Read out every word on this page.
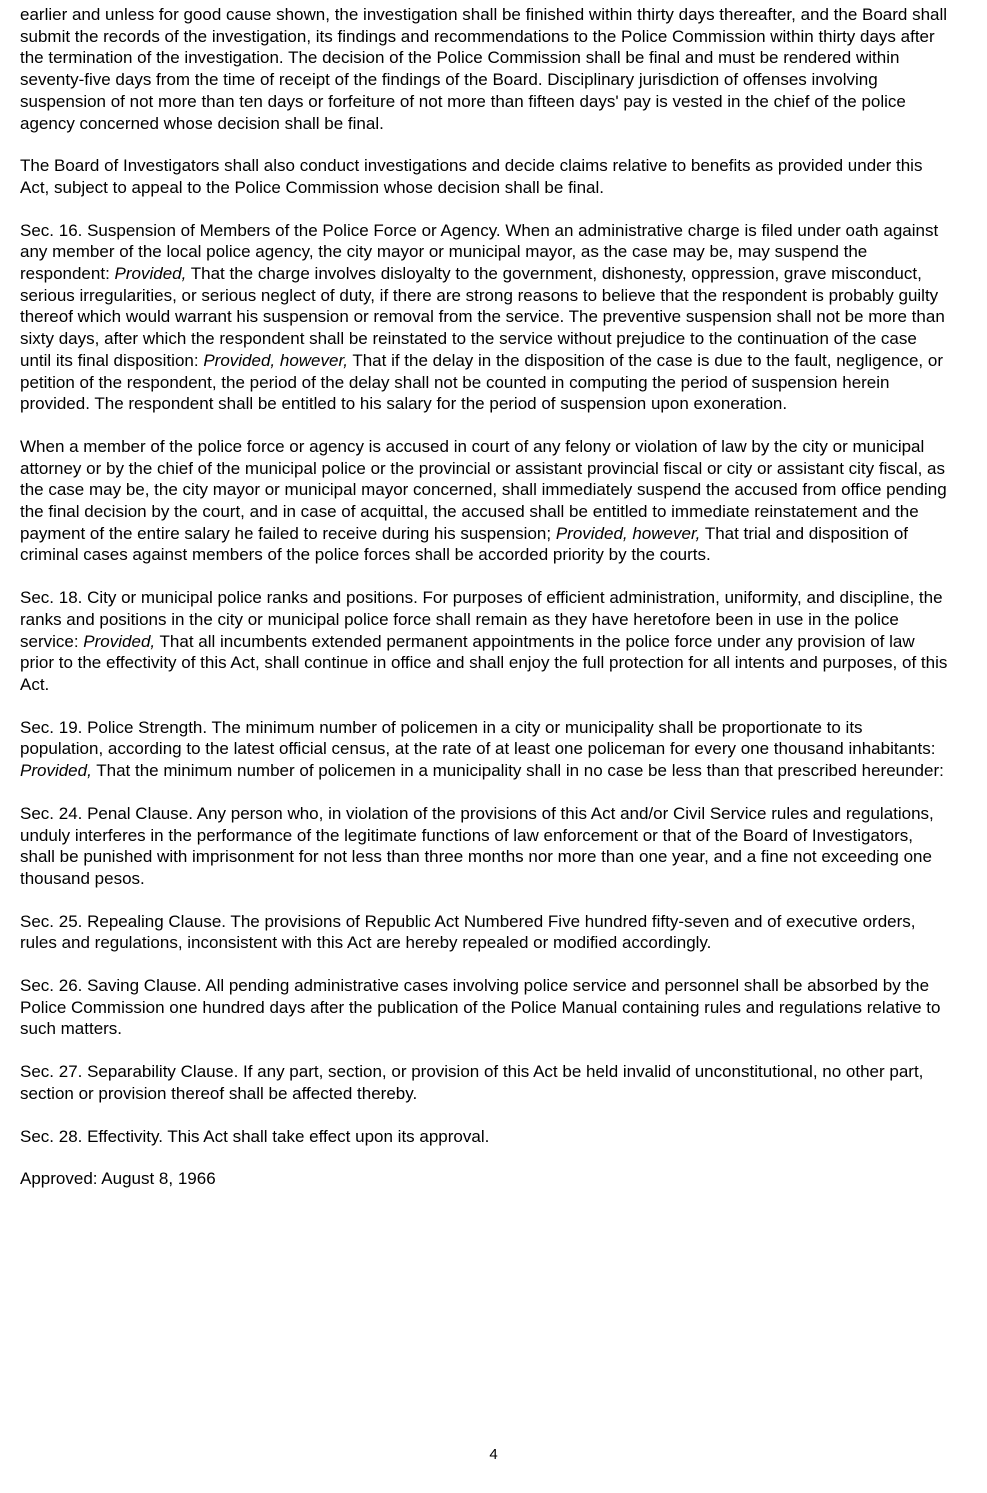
earlier and unless for good cause shown, the investigation shall be finished within thirty days thereafter, and the Board shall submit the records of the investigation, its findings and recommendations to the Police Commission within thirty days after the termination of the investigation. The decision of the Police Commission shall be final and must be rendered within seventy-five days from the time of receipt of the findings of the Board. Disciplinary jurisdiction of offenses involving suspension of not more than ten days or forfeiture of not more than fifteen days' pay is vested in the chief of the police agency concerned whose decision shall be final.

The Board of Investigators shall also conduct investigations and decide claims relative to benefits as provided under this Act, subject to appeal to the Police Commission whose decision shall be final.

Sec. 16. Suspension of Members of the Police Force or Agency. When an administrative charge is filed under oath against any member of the local police agency, the city mayor or municipal mayor, as the case may be, may suspend the respondent: Provided, That the charge involves disloyalty to the government, dishonesty, oppression, grave misconduct, serious irregularities, or serious neglect of duty, if there are strong reasons to believe that the respondent is probably guilty thereof which would warrant his suspension or removal from the service. The preventive suspension shall not be more than sixty days, after which the respondent shall be reinstated to the service without prejudice to the continuation of the case until its final disposition: Provided, however, That if the delay in the disposition of the case is due to the fault, negligence, or petition of the respondent, the period of the delay shall not be counted in computing the period of suspension herein provided. The respondent shall be entitled to his salary for the period of suspension upon exoneration.

When a member of the police force or agency is accused in court of any felony or violation of law by the city or municipal attorney or by the chief of the municipal police or the provincial or assistant provincial fiscal or city or assistant city fiscal, as the case may be, the city mayor or municipal mayor concerned, shall immediately suspend the accused from office pending the final decision by the court, and in case of acquittal, the accused shall be entitled to immediate reinstatement and the payment of the entire salary he failed to receive during his suspension; Provided, however, That trial and disposition of criminal cases against members of the police forces shall be accorded priority by the courts.

Sec. 18. City or municipal police ranks and positions. For purposes of efficient administration, uniformity, and discipline, the ranks and positions in the city or municipal police force shall remain as they have heretofore been in use in the police service: Provided, That all incumbents extended permanent appointments in the police force under any provision of law prior to the effectivity of this Act, shall continue in office and shall enjoy the full protection for all intents and purposes, of this Act.

Sec. 19. Police Strength. The minimum number of policemen in a city or municipality shall be proportionate to its population, according to the latest official census, at the rate of at least one policeman for every one thousand inhabitants: Provided, That the minimum number of policemen in a municipality shall in no case be less than that prescribed hereunder:

Sec. 24. Penal Clause. Any person who, in violation of the provisions of this Act and/or Civil Service rules and regulations, unduly interferes in the performance of the legitimate functions of law enforcement or that of the Board of Investigators, shall be punished with imprisonment for not less than three months nor more than one year, and a fine not exceeding one thousand pesos.

Sec. 25. Repealing Clause. The provisions of Republic Act Numbered Five hundred fifty-seven and of executive orders, rules and regulations, inconsistent with this Act are hereby repealed or modified accordingly.

Sec. 26. Saving Clause. All pending administrative cases involving police service and personnel shall be absorbed by the Police Commission one hundred days after the publication of the Police Manual containing rules and regulations relative to such matters.

Sec. 27. Separability Clause. If any part, section, or provision of this Act be held invalid of unconstitutional, no other part, section or provision thereof shall be affected thereby.

Sec. 28. Effectivity. This Act shall take effect upon its approval.

Approved: August 8, 1966

4
